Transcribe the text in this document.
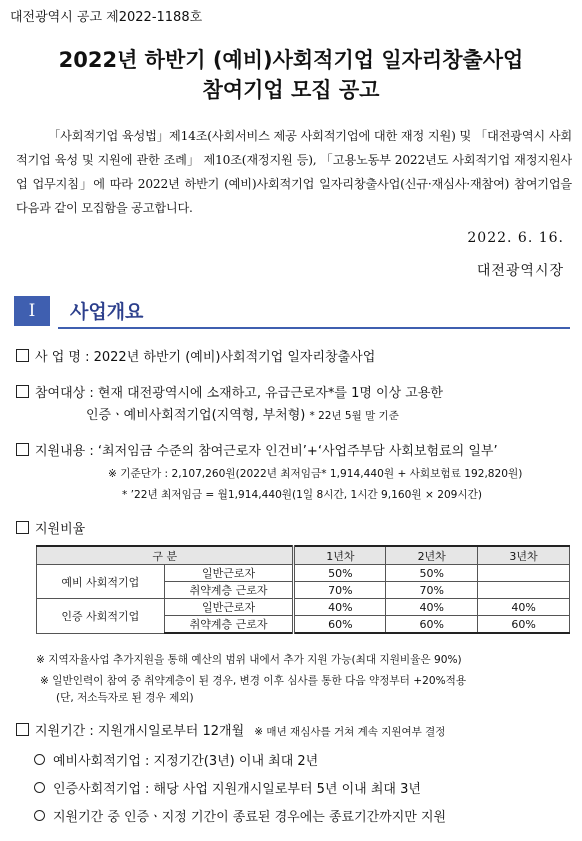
대전광역시 공고 제2022-1188호
2022년 하반기 (예비)사회적기업 일자리창출사업
참여기업 모집 공고
「사회적기업 육성법」제14조(사회서비스 제공 사회적기업에 대한 재정 지원) 및 「대전광역시 사회적기업 육성 및 지원에 관한 조례」 제10조(재정지원 등), 「고용노동부 2022년도 사회적기업 재정지원사업 업무지침」에 따라 2022년 하반기 (예비)사회적기업 일자리창출사업(신규·재심사·재참여) 참여기업을 다음과 같이 모집함을 공고합니다.
2022. 6. 16.
대전광역시장
Ⅰ	사업개요
사 업 명 : 2022년 하반기 (예비)사회적기업 일자리창출사업
참여대상 : 현재 대전광역시에 소재하고, 유급근로자*를 1명 이상 고용한
인증ㆍ예비사회적기업(지역형, 부처형) * 22년 5월 말 기준
지원내용 : ‘최저임금 수준의 참여근로자 인건비’+‘사업주부담 사회보험료의 일부’
※ 기준단가 : 2,107,260원(2022년 최저임금* 1,914,440원 + 사회보험료 192,820원)
* ’22년 최저임금 = 월1,914,440원(1일 8시간, 1시간 9,160원 × 209시간)
지원비율
구 분		1년차	2년차	3년차
예비 사회적기업	일반근로자	50%	50%	
	취약계층 근로자	70%	70%	
인증 사회적기업	일반근로자	40%	40%	40%
	취약계층 근로자	60%	60%	60%
※ 지역자율사업 추가지원을 통해 예산의 범위 내에서 추가 지원 가능(최대 지원비율은 90%)
※ 일반인력이 참여 중 취약계층이 된 경우, 변경 이후 심사를 통한 다음 약정부터 +20%적용
(단, 저소득자로 된 경우 제외)
지원기간 : 지원개시일로부터 12개월 ※ 매년 재심사를 거쳐 계속 지원여부 결정
예비사회적기업 : 지정기간(3년) 이내 최대 2년
인증사회적기업 : 해당 사업 지원개시일로부터 5년 이내 최대 3년
지원기간 중 인증ㆍ지정 기간이 종료된 경우에는 종료기간까지만 지원
